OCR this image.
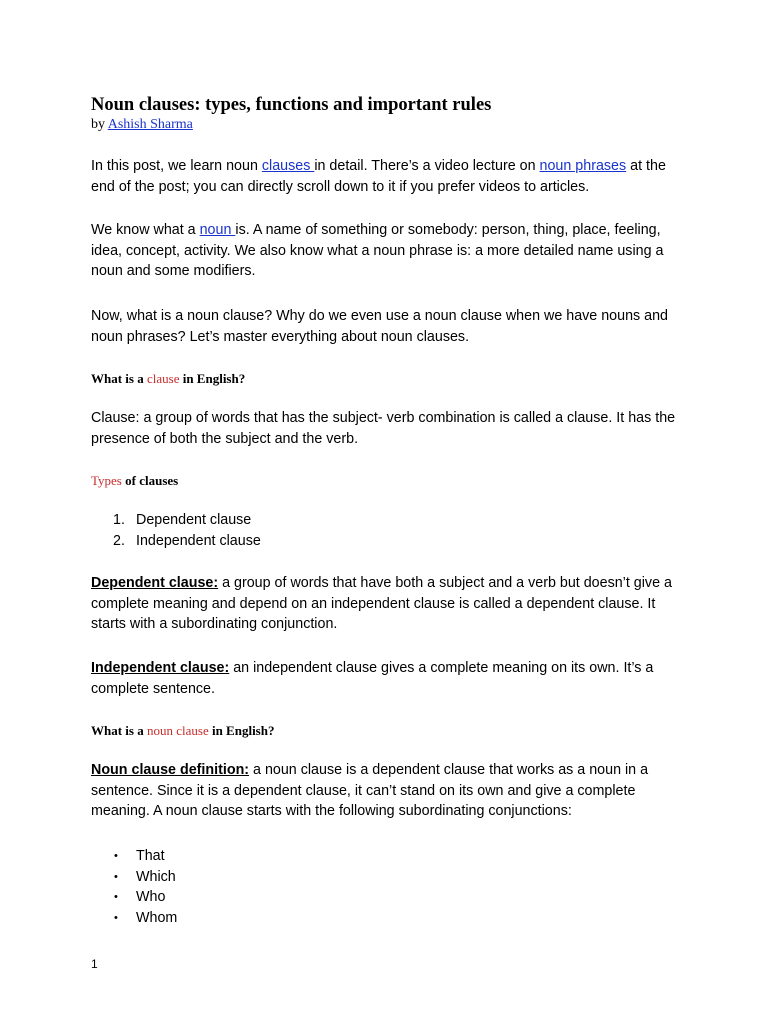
Noun clauses: types, functions and important rules
by Ashish Sharma

In this post, we learn noun clauses in detail. There’s a video lecture on noun phrases at the end of the post; you can directly scroll down to it if you prefer videos to articles.

We know what a noun is. A name of something or somebody: person, thing, place, feeling, idea, concept, activity. We also know what a noun phrase is: a more detailed name using a noun and some modifiers.

Now, what is a noun clause? Why do we even use a noun clause when we have nouns and noun phrases? Let’s master everything about noun clauses.

What is a clause in English?

Clause: a group of words that has the subject- verb combination is called a clause. It has the presence of both the subject and the verb.

Types of clauses
1. Dependent clause
2. Independent clause

Dependent clause: a group of words that have both a subject and a verb but doesn’t give a complete meaning and depend on an independent clause is called a dependent clause. It starts with a subordinating conjunction.

Independent clause: an independent clause gives a complete meaning on its own. It’s a complete sentence.

What is a noun clause in English?

Noun clause definition: a noun clause is a dependent clause that works as a noun in a sentence. Since it is a dependent clause, it can’t stand on its own and give a complete meaning. A noun clause starts with the following subordinating conjunctions:

• That
• Which
• Who
• Whom
1
